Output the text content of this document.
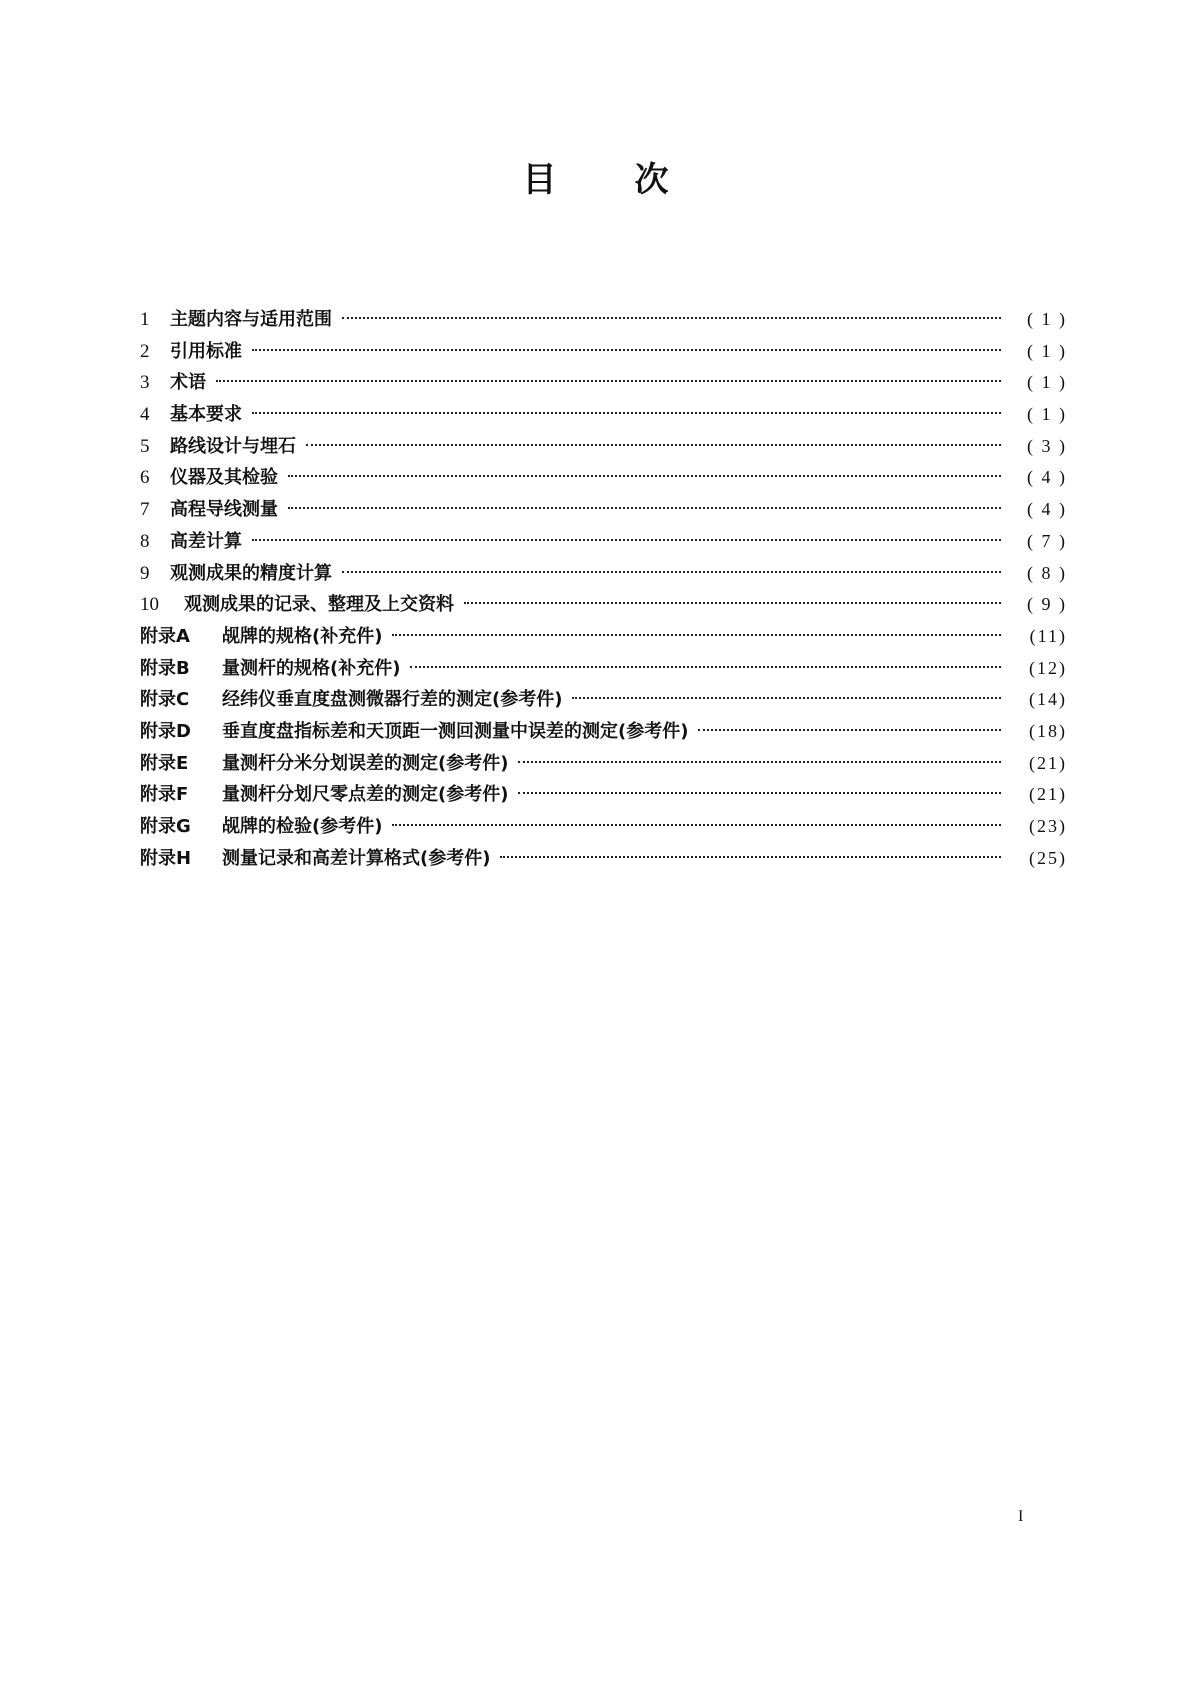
目 次
1	主题内容与适用范围	( 1 )
2	引用标准	( 1 )
3	术语	( 1 )
4	基本要求	( 1 )
5	路线设计与埋石	( 3 )
6	仪器及其检验	( 4 )
7	高程导线测量	( 4 )
8	高差计算	( 7 )
9	观测成果的精度计算	( 8 )
10	观测成果的记录、整理及上交资料	( 9 )
附录A	觇牌的规格(补充件)	(11)
附录B	量测杆的规格(补充件)	(12)
附录C	经纬仪垂直度盘测微器行差的测定(参考件)	(14)
附录D	垂直度盘指标差和天顶距一测回测量中误差的测定(参考件)	(18)
附录E	量测杆分米分划误差的测定(参考件)	(21)
附录F	量测杆分划尺零点差的测定(参考件)	(21)
附录G	觇牌的检验(参考件)	(23)
附录H	测量记录和高差计算格式(参考件)	(25)
I
